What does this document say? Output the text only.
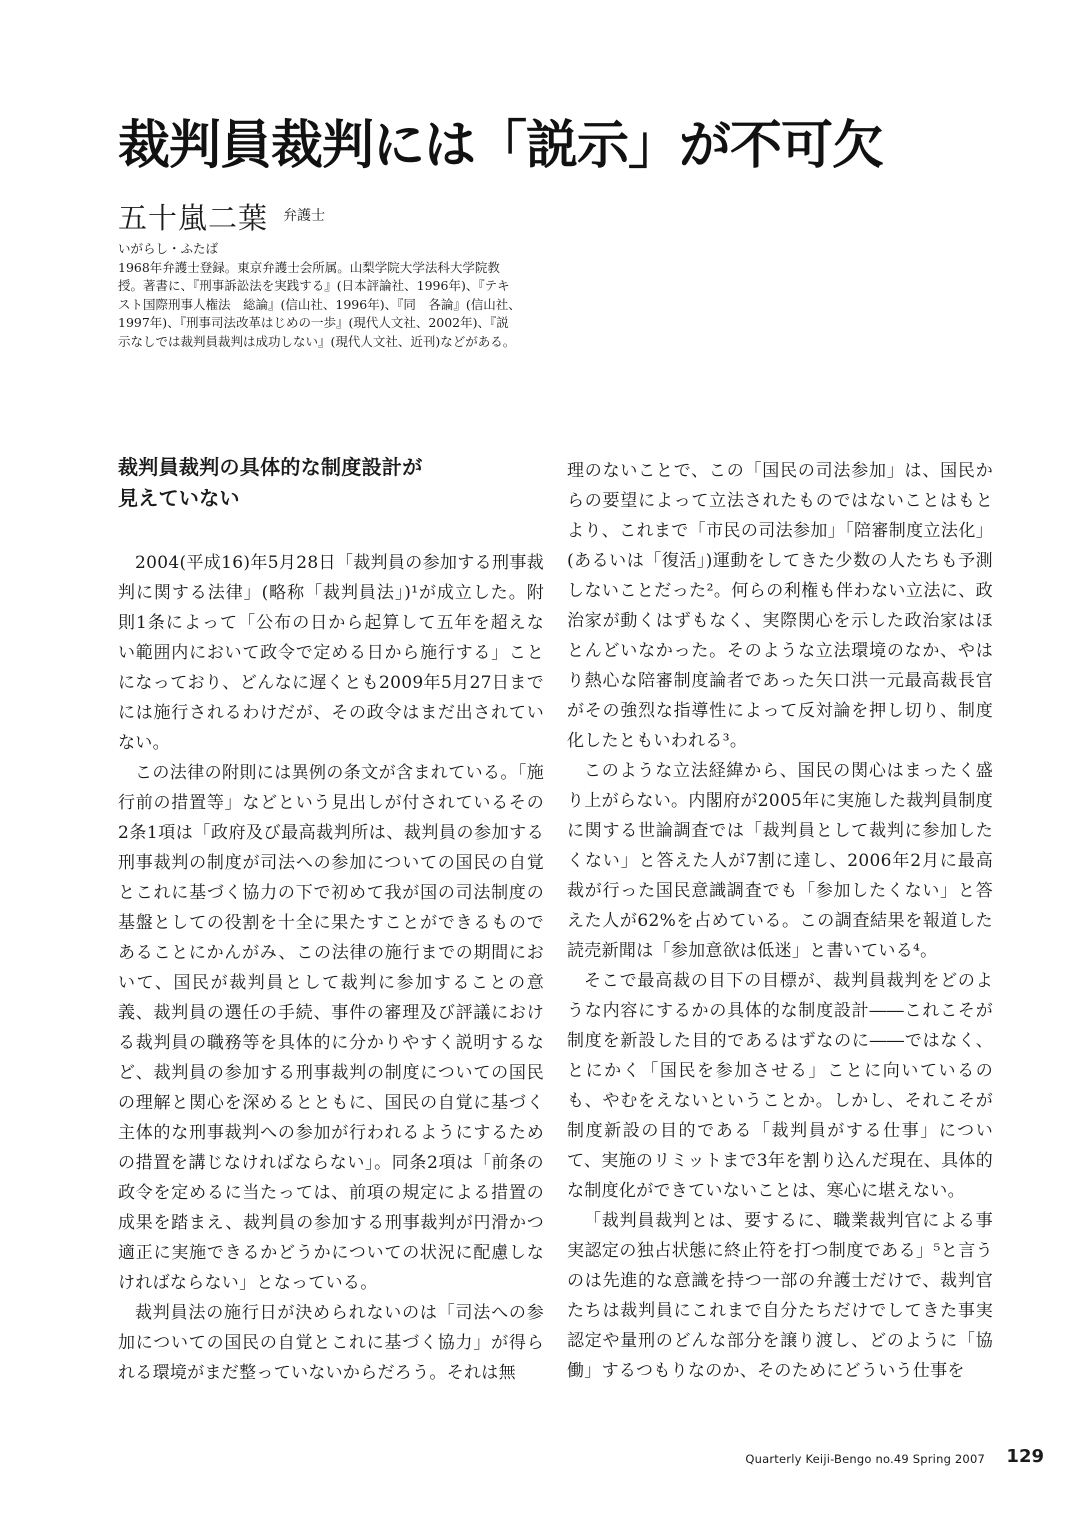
裁判員裁判には「説示」が不可欠
五十嵐二葉 弁護士
いがらし・ふたば
1968年弁護士登録。東京弁護士会所属。山梨学院大学法科大学院教
授。著書に、『刑事訴訟法を実践する』(日本評論社、1996年)、『テキ
スト国際刑事人権法　総論』(信山社、1996年)、『同　各論』(信山社、
1997年)、『刑事司法改革はじめの一歩』(現代人文社、2002年)、『説
示なしでは裁判員裁判は成功しない』(現代人文社、近刊)などがある。
裁判員裁判の具体的な制度設計が
見えていない

2004(平成16)年5月28日「裁判員の参加する刑事裁判に関する法律」(略称「裁判員法」)¹が成立した。附則1条によって「公布の日から起算して五年を超えない範囲内において政令で定める日から施行する」ことになっており、どんなに遅くとも2009年5月27日までには施行されるわけだが、その政令はまだ出されていない。

この法律の附則には異例の条文が含まれている。「施行前の措置等」などという見出しが付されているその2条1項は「政府及び最高裁判所は、裁判員の参加する刑事裁判の制度が司法への参加についての国民の自覚とこれに基づく協力の下で初めて我が国の司法制度の基盤としての役割を十全に果たすことができるものであることにかんがみ、この法律の施行までの期間において、国民が裁判員として裁判に参加することの意義、裁判員の選任の手続、事件の審理及び評議における裁判員の職務等を具体的に分かりやすく説明するなど、裁判員の参加する刑事裁判の制度についての国民の理解と関心を深めるとともに、国民の自覚に基づく主体的な刑事裁判への参加が行われるようにするための措置を講じなければならない」。同条2項は「前条の政令を定めるに当たっては、前項の規定による措置の成果を踏まえ、裁判員の参加する刑事裁判が円滑かつ適正に実施できるかどうかについての状況に配慮しなければならない」となっている。

裁判員法の施行日が決められないのは「司法への参加についての国民の自覚とこれに基づく協力」が得られる環境がまだ整っていないからだろう。それは無

理のないことで、この「国民の司法参加」は、国民からの要望によって立法されたものではないことはもとより、これまで「市民の司法参加」「陪審制度立法化」(あるいは「復活」)運動をしてきた少数の人たちも予測しないことだった²。何らの利権も伴わない立法に、政治家が動くはずもなく、実際関心を示した政治家はほとんどいなかった。そのような立法環境のなか、やはり熱心な陪審制度論者であった矢口洪一元最高裁長官がその強烈な指導性によって反対論を押し切り、制度化したともいわれる³。

このような立法経緯から、国民の関心はまったく盛り上がらない。内閣府が2005年に実施した裁判員制度に関する世論調査では「裁判員として裁判に参加したくない」と答えた人が7割に達し、2006年2月に最高裁が行った国民意識調査でも「参加したくない」と答えた人が62%を占めている。この調査結果を報道した読売新聞は「参加意欲は低迷」と書いている⁴。

そこで最高裁の目下の目標が、裁判員裁判をどのような内容にするかの具体的な制度設計――これこそが制度を新設した目的であるはずなのに――ではなく、とにかく「国民を参加させる」ことに向いているのも、やむをえないということか。しかし、それこそが制度新設の目的である「裁判員がする仕事」について、実施のリミットまで3年を割り込んだ現在、具体的な制度化ができていないことは、寒心に堪えない。

「裁判員裁判とは、要するに、職業裁判官による事実認定の独占状態に終止符を打つ制度である」⁵と言うのは先進的な意識を持つ一部の弁護士だけで、裁判官たちは裁判員にこれまで自分たちだけでしてきた事実認定や量刑のどんな部分を譲り渡し、どのように「協働」するつもりなのか、そのためにどういう仕事を

Quarterly Keiji-Bengo no.49 Spring 2007 129
